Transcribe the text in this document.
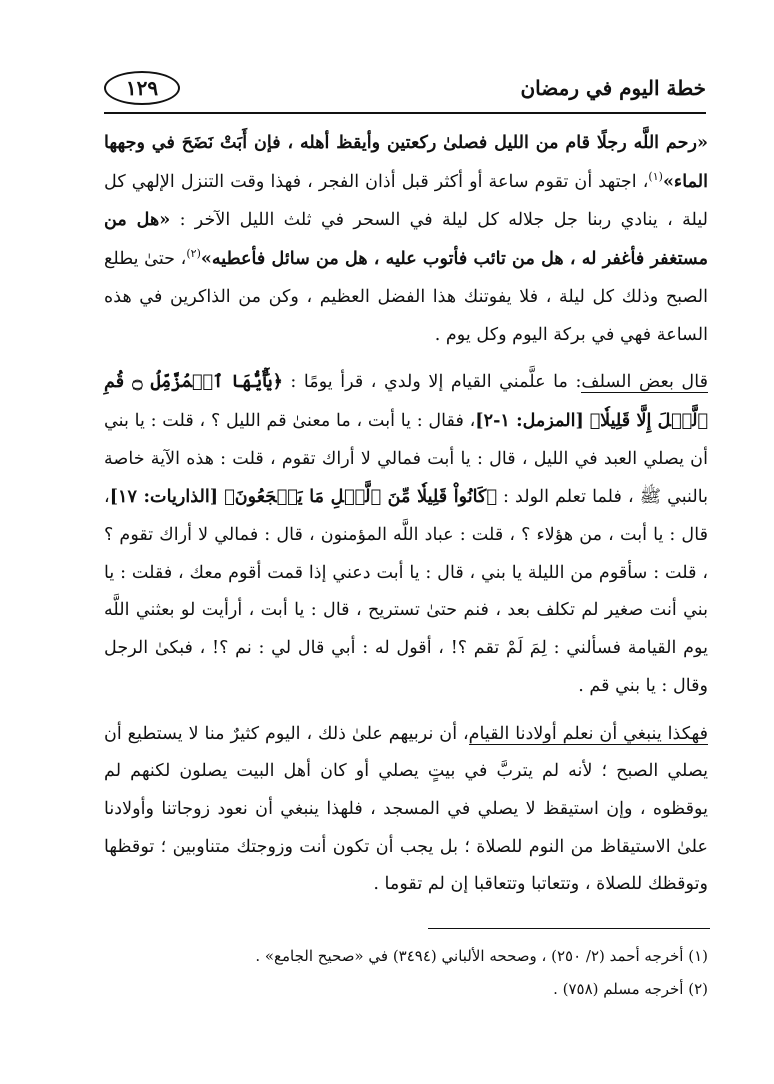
خطة اليوم في رمضان
١٢٩

«رحم اللَّه رجلًا قام من الليل فصلىٰ ركعتين وأيقظ أهله ، فإن أَبَتْ نَضَحَ في وجهها الماء»$^{(١)}$، اجتهد أن تقوم ساعة أو أكثر قبل أذان الفجر ، فهذا وقت التنزل الإلهي كل ليلة ، ينادي ربنا جل جلاله كل ليلة في السحر في ثلث الليل الآخر : «هل من مستغفر فأغفر له ، هل من تائب فأتوب عليه ، هل من سائل فأعطيه»$^{(٢)}$، حتىٰ يطلع الصبح وذلك كل ليلة ، فلا يفوتنك هذا الفضل العظيم ، وكن من الذاكرين في هذه الساعة فهي في بركة اليوم وكل يوم .

قال بعض السلف: ما علَّمني القيام إلا ولدي ، قرأ يومًا : ﴿يَٰٓأَيُّهَا ٱلۡمُزَّمِّلُ ۝ قُمِ ٱلَّيۡلَ إِلَّا قَلِيلٗا﴾ [المزمل: ١-٢]، فقال : يا أبت ، ما معنىٰ قم الليل ؟ ، قلت : يا بني أن يصلي العبد في الليل ، قال : يا أبت فمالي لا أراك تقوم ، قلت : هذه الآية خاصة بالنبي ﷺ ، فلما تعلم الولد : ﴿كَانُواْ قَلِيلٗا مِّنَ ٱلَّيۡلِ مَا يَهۡجَعُونَ﴾ [الذاريات: ١٧]، قال : يا أبت ، من هؤلاء ؟ ، قلت : عباد اللَّه المؤمنون ، قال : فمالي لا أراك تقوم ؟ ، قلت : سأقوم من الليلة يا بني ، قال : يا أبت دعني إذا قمت أقوم معك ، فقلت : يا بني أنت صغير لم تكلف بعد ، فنم حتىٰ تستريح ، قال : يا أبت ، أرأيت لو بعثني اللَّه يوم القيامة فسألني : لِمَ لَمْ تقم ؟! ، أقول له : أبي قال لي : نم ؟! ، فبكىٰ الرجل وقال : يا بني قم .

فهكذا ينبغي أن نعلم أولادنا القيام، أن نربيهم علىٰ ذلك ، اليوم كثيرٌ منا لا يستطيع أن يصلي الصبح ؛ لأنه لم يتربَّ في بيتٍ يصلي أو كان أهل البيت يصلون لكنهم لم يوقظوه ، وإن استيقظ لا يصلي في المسجد ، فلهذا ينبغي أن نعود زوجاتنا وأولادنا علىٰ الاستيقاظ من النوم للصلاة ؛ بل يجب أن تكون أنت وزوجتك متناوبين ؛ توقظها وتوقظك للصلاة ، وتتعاتبا وتتعاقبا إن لم تقوما .

(١) أخرجه أحمد (٢/ ٢٥٠) ، وصححه الألباني (٣٤٩٤) في «صحيح الجامع» .

(٢) أخرجه مسلم (٧٥٨) .
